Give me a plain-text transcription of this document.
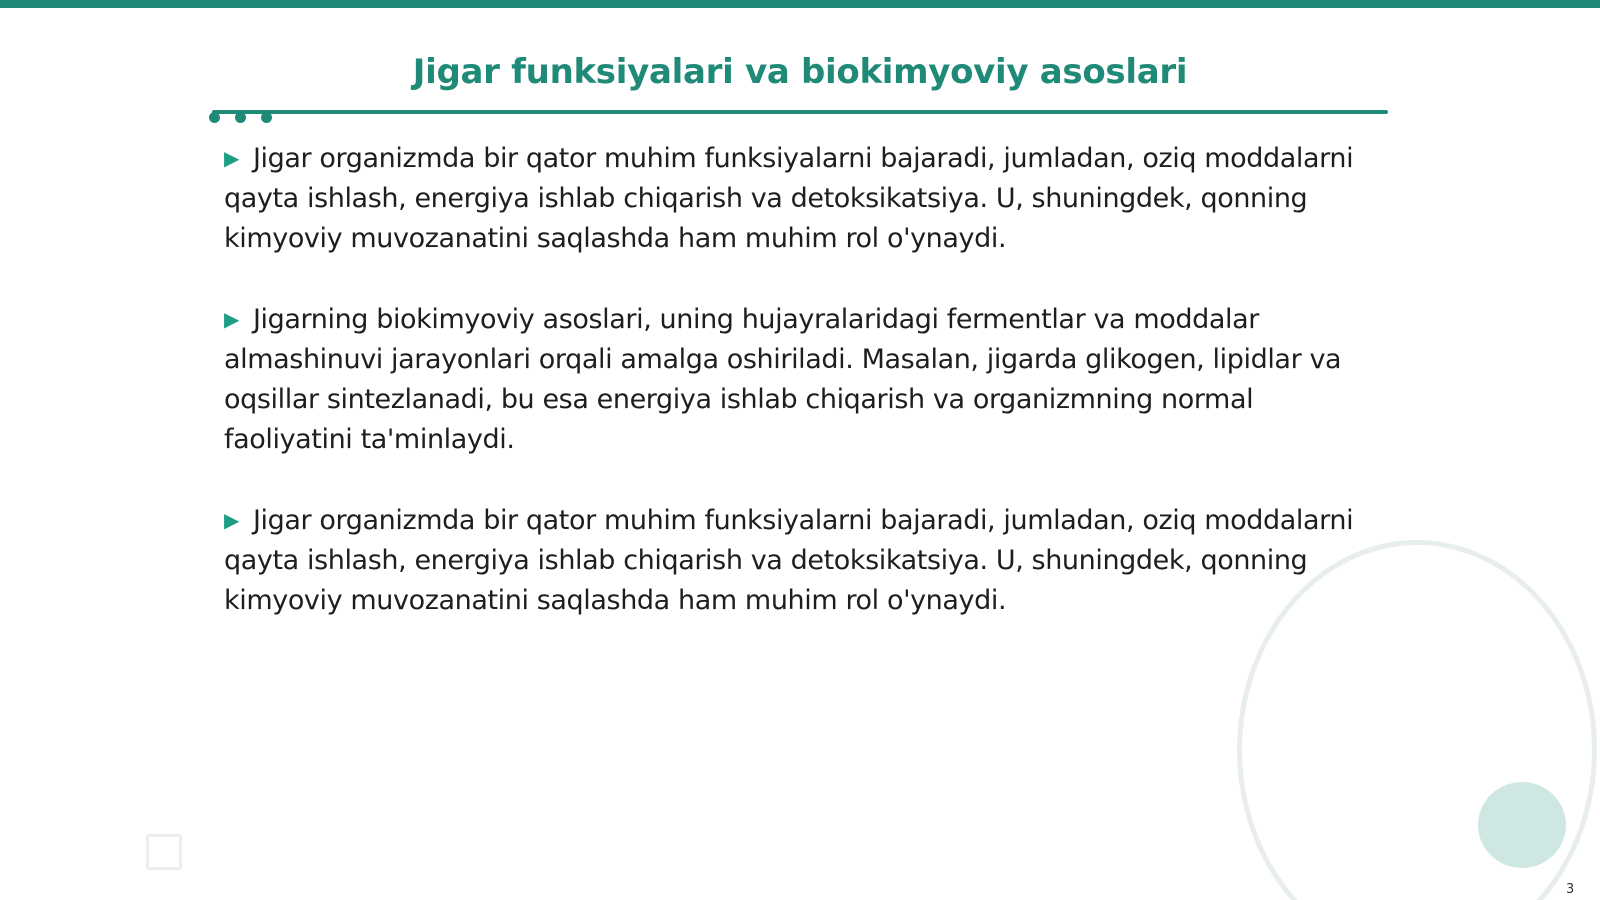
Jigar funksiyalari va biokimyoviy asoslari

▶ Jigar organizmda bir qator muhim funksiyalarni bajaradi, jumladan, oziq moddalarni qayta ishlash, energiya ishlab chiqarish va detoksikatsiya. U, shuningdek, qonning kimyoviy muvozanatini saqlashda ham muhim rol o'ynaydi.

▶ Jigarning biokimyoviy asoslari, uning hujayralaridagi fermentlar va moddalar almashinuvi jarayonlari orqali amalga oshiriladi. Masalan, jigarda glikogen, lipidlar va oqsillar sintezlanadi, bu esa energiya ishlab chiqarish va organizmning normal faoliyatini ta'minlaydi.

▶ Jigar organizmda bir qator muhim funksiyalarni bajaradi, jumladan, oziq moddalarni qayta ishlash, energiya ishlab chiqarish va detoksikatsiya. U, shuningdek, qonning kimyoviy muvozanatini saqlashda ham muhim rol o'ynaydi.

3
